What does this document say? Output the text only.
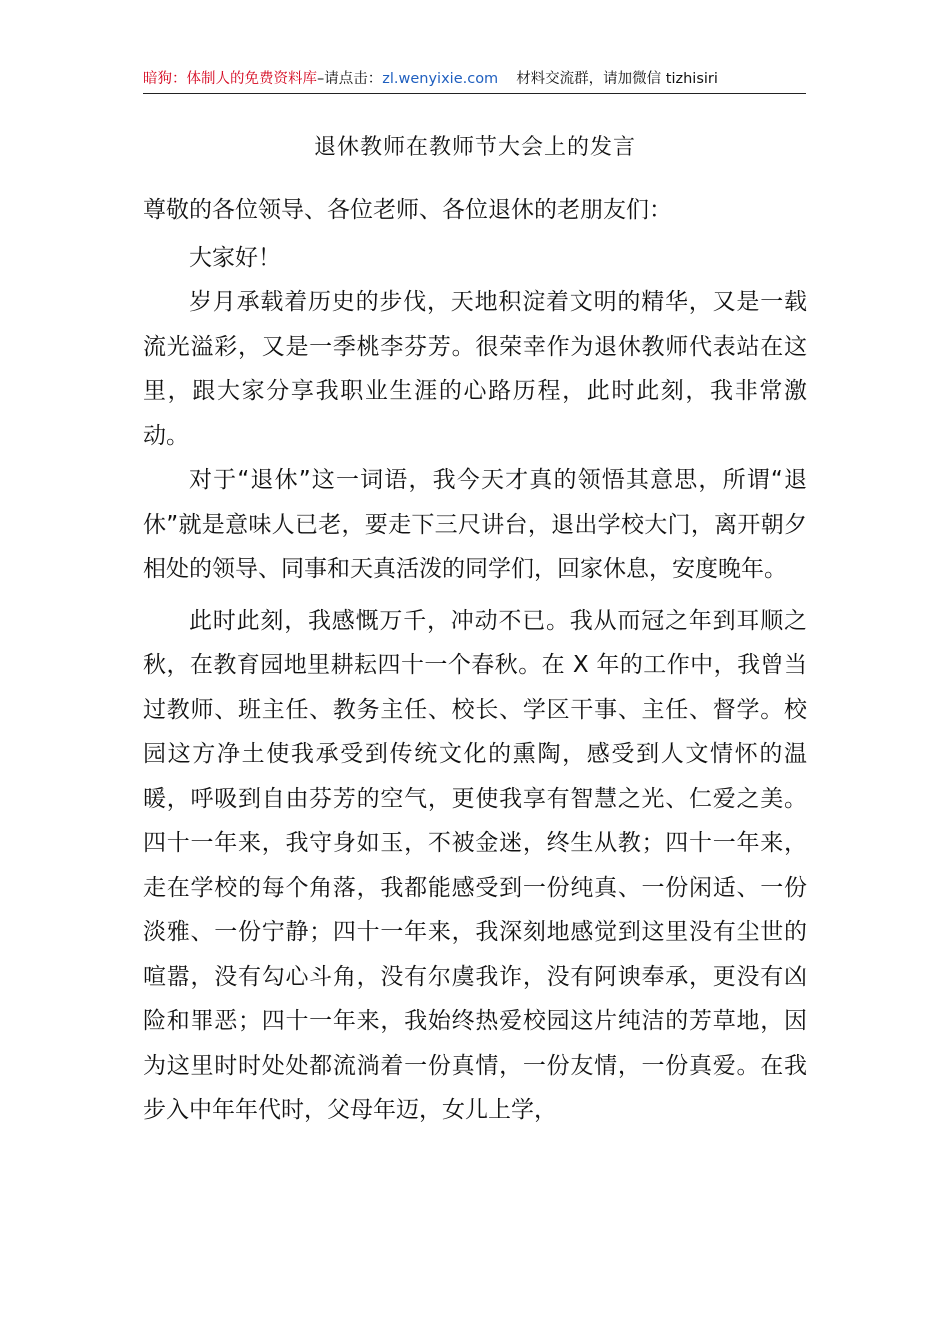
暗狗：体制人的免费资料库–请点击：zl.wenyixie.com 材料交流群，请加微信 tizhisiri
退休教师在教师节大会上的发言

尊敬的各位领导、各位老师、各位退休的老朋友们：

大家好！

岁月承载着历史的步伐，天地积淀着文明的精华，又是一载流光溢彩，又是一季桃李芬芳。很荣幸作为退休教师代表站在这里，跟大家分享我职业生涯的心路历程，此时此刻，我非常激动。

对于“退休”这一词语，我今天才真的领悟其意思，所谓“退休”就是意味人已老，要走下三尺讲台，退出学校大门，离开朝夕相处的领导、同事和天真活泼的同学们，回家休息，安度晚年。

此时此刻，我感慨万千，冲动不已。我从而冠之年到耳顺之秋，在教育园地里耕耘四十一个春秋。在 X 年的工作中，我曾当过教师、班主任、教务主任、校长、学区干事、主任、督学。校园这方净土使我承受到传统文化的熏陶，感受到人文情怀的温暖，呼吸到自由芬芳的空气，更使我享有智慧之光、仁爱之美。四十一年来，我守身如玉，不被金迷，终生从教；四十一年来，走在学校的每个角落，我都能感受到一份纯真、一份闲适、一份淡雅、一份宁静；四十一年来，我深刻地感觉到这里没有尘世的喧嚣，没有勾心斗角，没有尔虞我诈，没有阿谀奉承，更没有凶险和罪恶；四十一年来，我始终热爱校园这片纯洁的芳草地，因为这里时时处处都流淌着一份真情，一份友情，一份真爱。在我步入中年年代时，父母年迈，女儿上学，
